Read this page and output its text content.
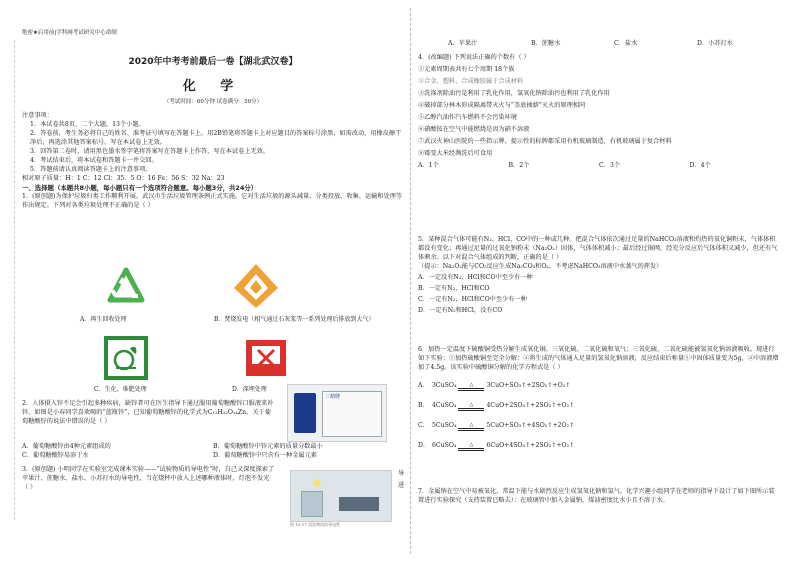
绝密★启用前|学科网考试研究中心命制
2020年中考考前最后一卷【湖北武汉卷】
化 学
（考试时间：60分钟 试卷满分：50分）

注意事项：

1．本试卷共8页，二个大题，13个小题。

2．答卷前，考生务必将自己的姓名、准考证号填写在答题卡上。用2B铅笔将答题卡上对应题目的答案标号涂黑，如需改动，用橡皮擦干净后，再选涂其他答案标号。写在本试卷上无效。

3．回答第二卷时，请用黑色墨水签字笔将答案写在答题卡上作答，写在本试卷上无效。

4．考试结束后，将本试卷和答题卡一并交回。

5．答题前请认真阅读答题卡上的注意事项。

相对原子质量：H：1 C：12 Cl：35．5 O：16 Fe：56 S：32 Na：23

一、选择题（本题共8小题，每小题只有一个选项符合题意。每小题3分，共24分）

1．(原创题)为保护垃圾归类工作顺利开展，武汉市生活垃圾管理条例正式实施。它对生活垃圾的源头减量、分类投放、收集、运输和处理等作出规定。下列对各类垃圾处理不正确的是（ ）

A．再生回收处理	B．焚烧发电（相气通过石灰浆等一系列处理后排放到大气）
C．生化、堆肥处理	D．深埋处理

2．人体摄入锌不足会引起多种疾病，缺锌者可在医生指导下通过服用葡萄糖酸锌口服液来补锌，如图是小春同学喜欢喝的“蓝瓶锌”，已知葡萄糖酸锌的化学式为C₁₂H₂₂O₁₄Zn，关于葡萄糖酸锌的说法中错误的是（ ）

三精牌
A．葡萄糖酸锌由4种元素组成的	B．葡萄糖酸锌中锌元素的质量分数最小
C．葡萄糖酸锌易溶于水	D．葡萄糖酸锌中只含有一种金属元素

3．(原创题) 小明同学在实验室完成课本实验——“试验物质的导电性”时，自己又深度探索了苹果汁、蔗糖水、盐水、小苏打水的导电性，当在烧杯中放入上述哪种液体时，灯泡不发光

（ ）

导
进
图 10-17 试验物质的导电性
A．苹果汁	B．蔗糖水	C．盐水	D．小苏打水

4．(改编题) 下列说法正确的个数有（ ）

①元素周期表共有七个周期 18个族

②合金、塑料、合成橡胶属于合成材料

③洗涤剂除油污是利用了乳化作用，氢氧化钠除油污也利用了乳化作用

④破掉部分林木形成隔离带灭火与“釜底抽薪”灭火的原理相同

⑤乙醇汽油作汽车燃料不会污染环境

⑥硝酸铵在空气中能燃烧是因为硝不溶液

⑦武汉火神山医院的一些指示牌，提示性的标牌都采用有机玻璃制造，有机玻璃属于复合材料

⑧霉变大米经淘洗后可食用

A．1个	B．2个	C．3个	D．4个

5．某种混合气体可能有N₂、HCl、CO中的一种或几种。把混合气体依次通过足量的NaHCO₃溶液和灼热的氧化铜粉末，气体体积都没有变化；再通过足量的过氧化钠粉末（Na₂O₂）固体，气体体积减小；最后经过铜网，经充分反应后气体体积又减少，但还有气体剩余。以下对混合气体组成的判断，正确的是（ ）

（提示：Na₂O₂能与CO₂反应生成Na₂CO₃和O₂，不考虑NaHCO₃溶液中水蒸气的挥发）

A．一定没有N₂，HCl和CO中至少有一种

B．一定有N₂、HCl和CO

C．一定有N₂，HCl和CO中至少有一种

D．一定有N₂和HCl，没有CO

6．加热一定温度下硫酸铜受热分解生成氧化铜、三氧化硫、二氧化硫和氧气；三氧化硫、二氧化硫能被氢氧化钠溶液吸收。现进行如下实验：①加热硫酸铜至完全分解；②将生成的气体通入足量的氢氧化钠溶液，反应结束后称量①中固体质量变为5g，②中溶液增加了4.5g。该实验中硫酸铜分解的化学方程式是（ ）

A． 3CuSO₄	△ 3CuO+SO₃↑+2SO₂↑+O₂↑
B． 4CuSO₄	△ 4CuO+2SO₃↑+2SO₂↑+O₂↑
C． 5CuSO₄	△ 5CuO+SO₃↑+4SO₂↑+2O₂↑
D． 6CuSO₄	△ 6CuO+4SO₃↑+2SO₂↑+O₂↑

7．金属钠在空气中易被氧化，常温下能与水剧烈反应生成氢氧化钠和氢气。化学兴趣小组同学在老师的指导下设计了如下图所示装置进行实验探究（支持装置已略去）：在玻璃管中加入金属钠，煤油密度比水小且不溶于水。
